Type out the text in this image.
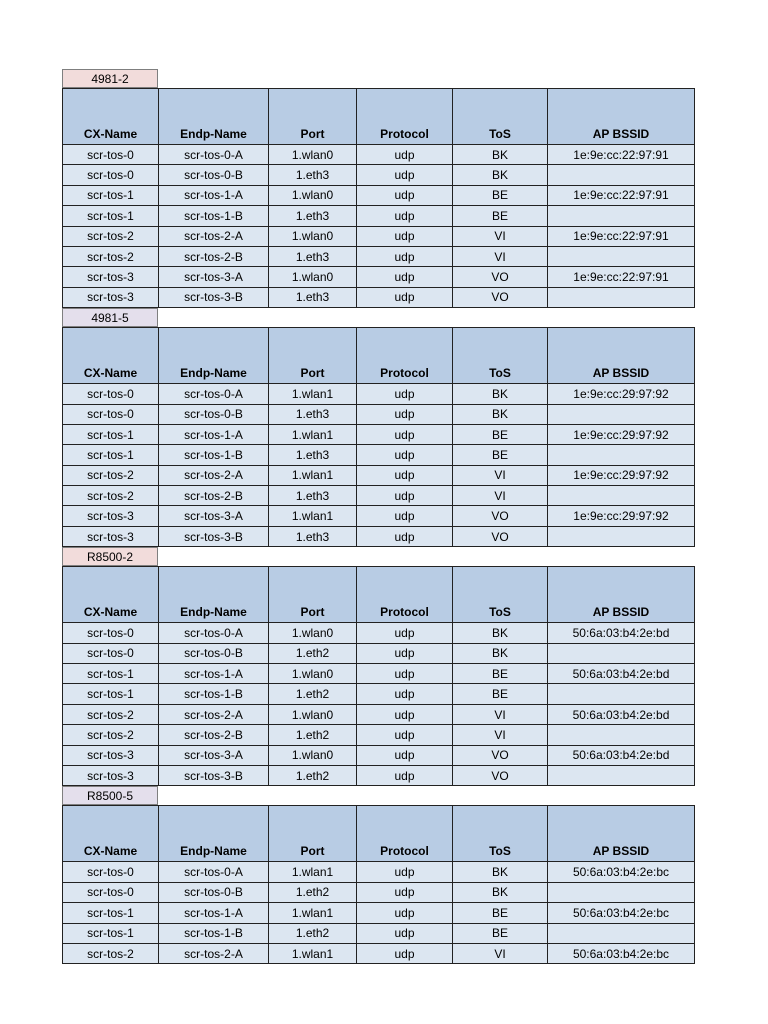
4981-2
CX-Name	Endp-Name	Port	Protocol	ToS	AP BSSID
scr-tos-0	scr-tos-0-A	1.wlan0	udp	BK	1e:9e:cc:22:97:91
scr-tos-0	scr-tos-0-B	1.eth3	udp	BK	
scr-tos-1	scr-tos-1-A	1.wlan0	udp	BE	1e:9e:cc:22:97:91
scr-tos-1	scr-tos-1-B	1.eth3	udp	BE	
scr-tos-2	scr-tos-2-A	1.wlan0	udp	VI	1e:9e:cc:22:97:91
scr-tos-2	scr-tos-2-B	1.eth3	udp	VI	
scr-tos-3	scr-tos-3-A	1.wlan0	udp	VO	1e:9e:cc:22:97:91
scr-tos-3	scr-tos-3-B	1.eth3	udp	VO	
4981-5
CX-Name	Endp-Name	Port	Protocol	ToS	AP BSSID
scr-tos-0	scr-tos-0-A	1.wlan1	udp	BK	1e:9e:cc:29:97:92
scr-tos-0	scr-tos-0-B	1.eth3	udp	BK	
scr-tos-1	scr-tos-1-A	1.wlan1	udp	BE	1e:9e:cc:29:97:92
scr-tos-1	scr-tos-1-B	1.eth3	udp	BE	
scr-tos-2	scr-tos-2-A	1.wlan1	udp	VI	1e:9e:cc:29:97:92
scr-tos-2	scr-tos-2-B	1.eth3	udp	VI	
scr-tos-3	scr-tos-3-A	1.wlan1	udp	VO	1e:9e:cc:29:97:92
scr-tos-3	scr-tos-3-B	1.eth3	udp	VO	
R8500-2
CX-Name	Endp-Name	Port	Protocol	ToS	AP BSSID
scr-tos-0	scr-tos-0-A	1.wlan0	udp	BK	50:6a:03:b4:2e:bd
scr-tos-0	scr-tos-0-B	1.eth2	udp	BK	
scr-tos-1	scr-tos-1-A	1.wlan0	udp	BE	50:6a:03:b4:2e:bd
scr-tos-1	scr-tos-1-B	1.eth2	udp	BE	
scr-tos-2	scr-tos-2-A	1.wlan0	udp	VI	50:6a:03:b4:2e:bd
scr-tos-2	scr-tos-2-B	1.eth2	udp	VI	
scr-tos-3	scr-tos-3-A	1.wlan0	udp	VO	50:6a:03:b4:2e:bd
scr-tos-3	scr-tos-3-B	1.eth2	udp	VO	
R8500-5
CX-Name	Endp-Name	Port	Protocol	ToS	AP BSSID
scr-tos-0	scr-tos-0-A	1.wlan1	udp	BK	50:6a:03:b4:2e:bc
scr-tos-0	scr-tos-0-B	1.eth2	udp	BK	
scr-tos-1	scr-tos-1-A	1.wlan1	udp	BE	50:6a:03:b4:2e:bc
scr-tos-1	scr-tos-1-B	1.eth2	udp	BE	
scr-tos-2	scr-tos-2-A	1.wlan1	udp	VI	50:6a:03:b4:2e:bc
